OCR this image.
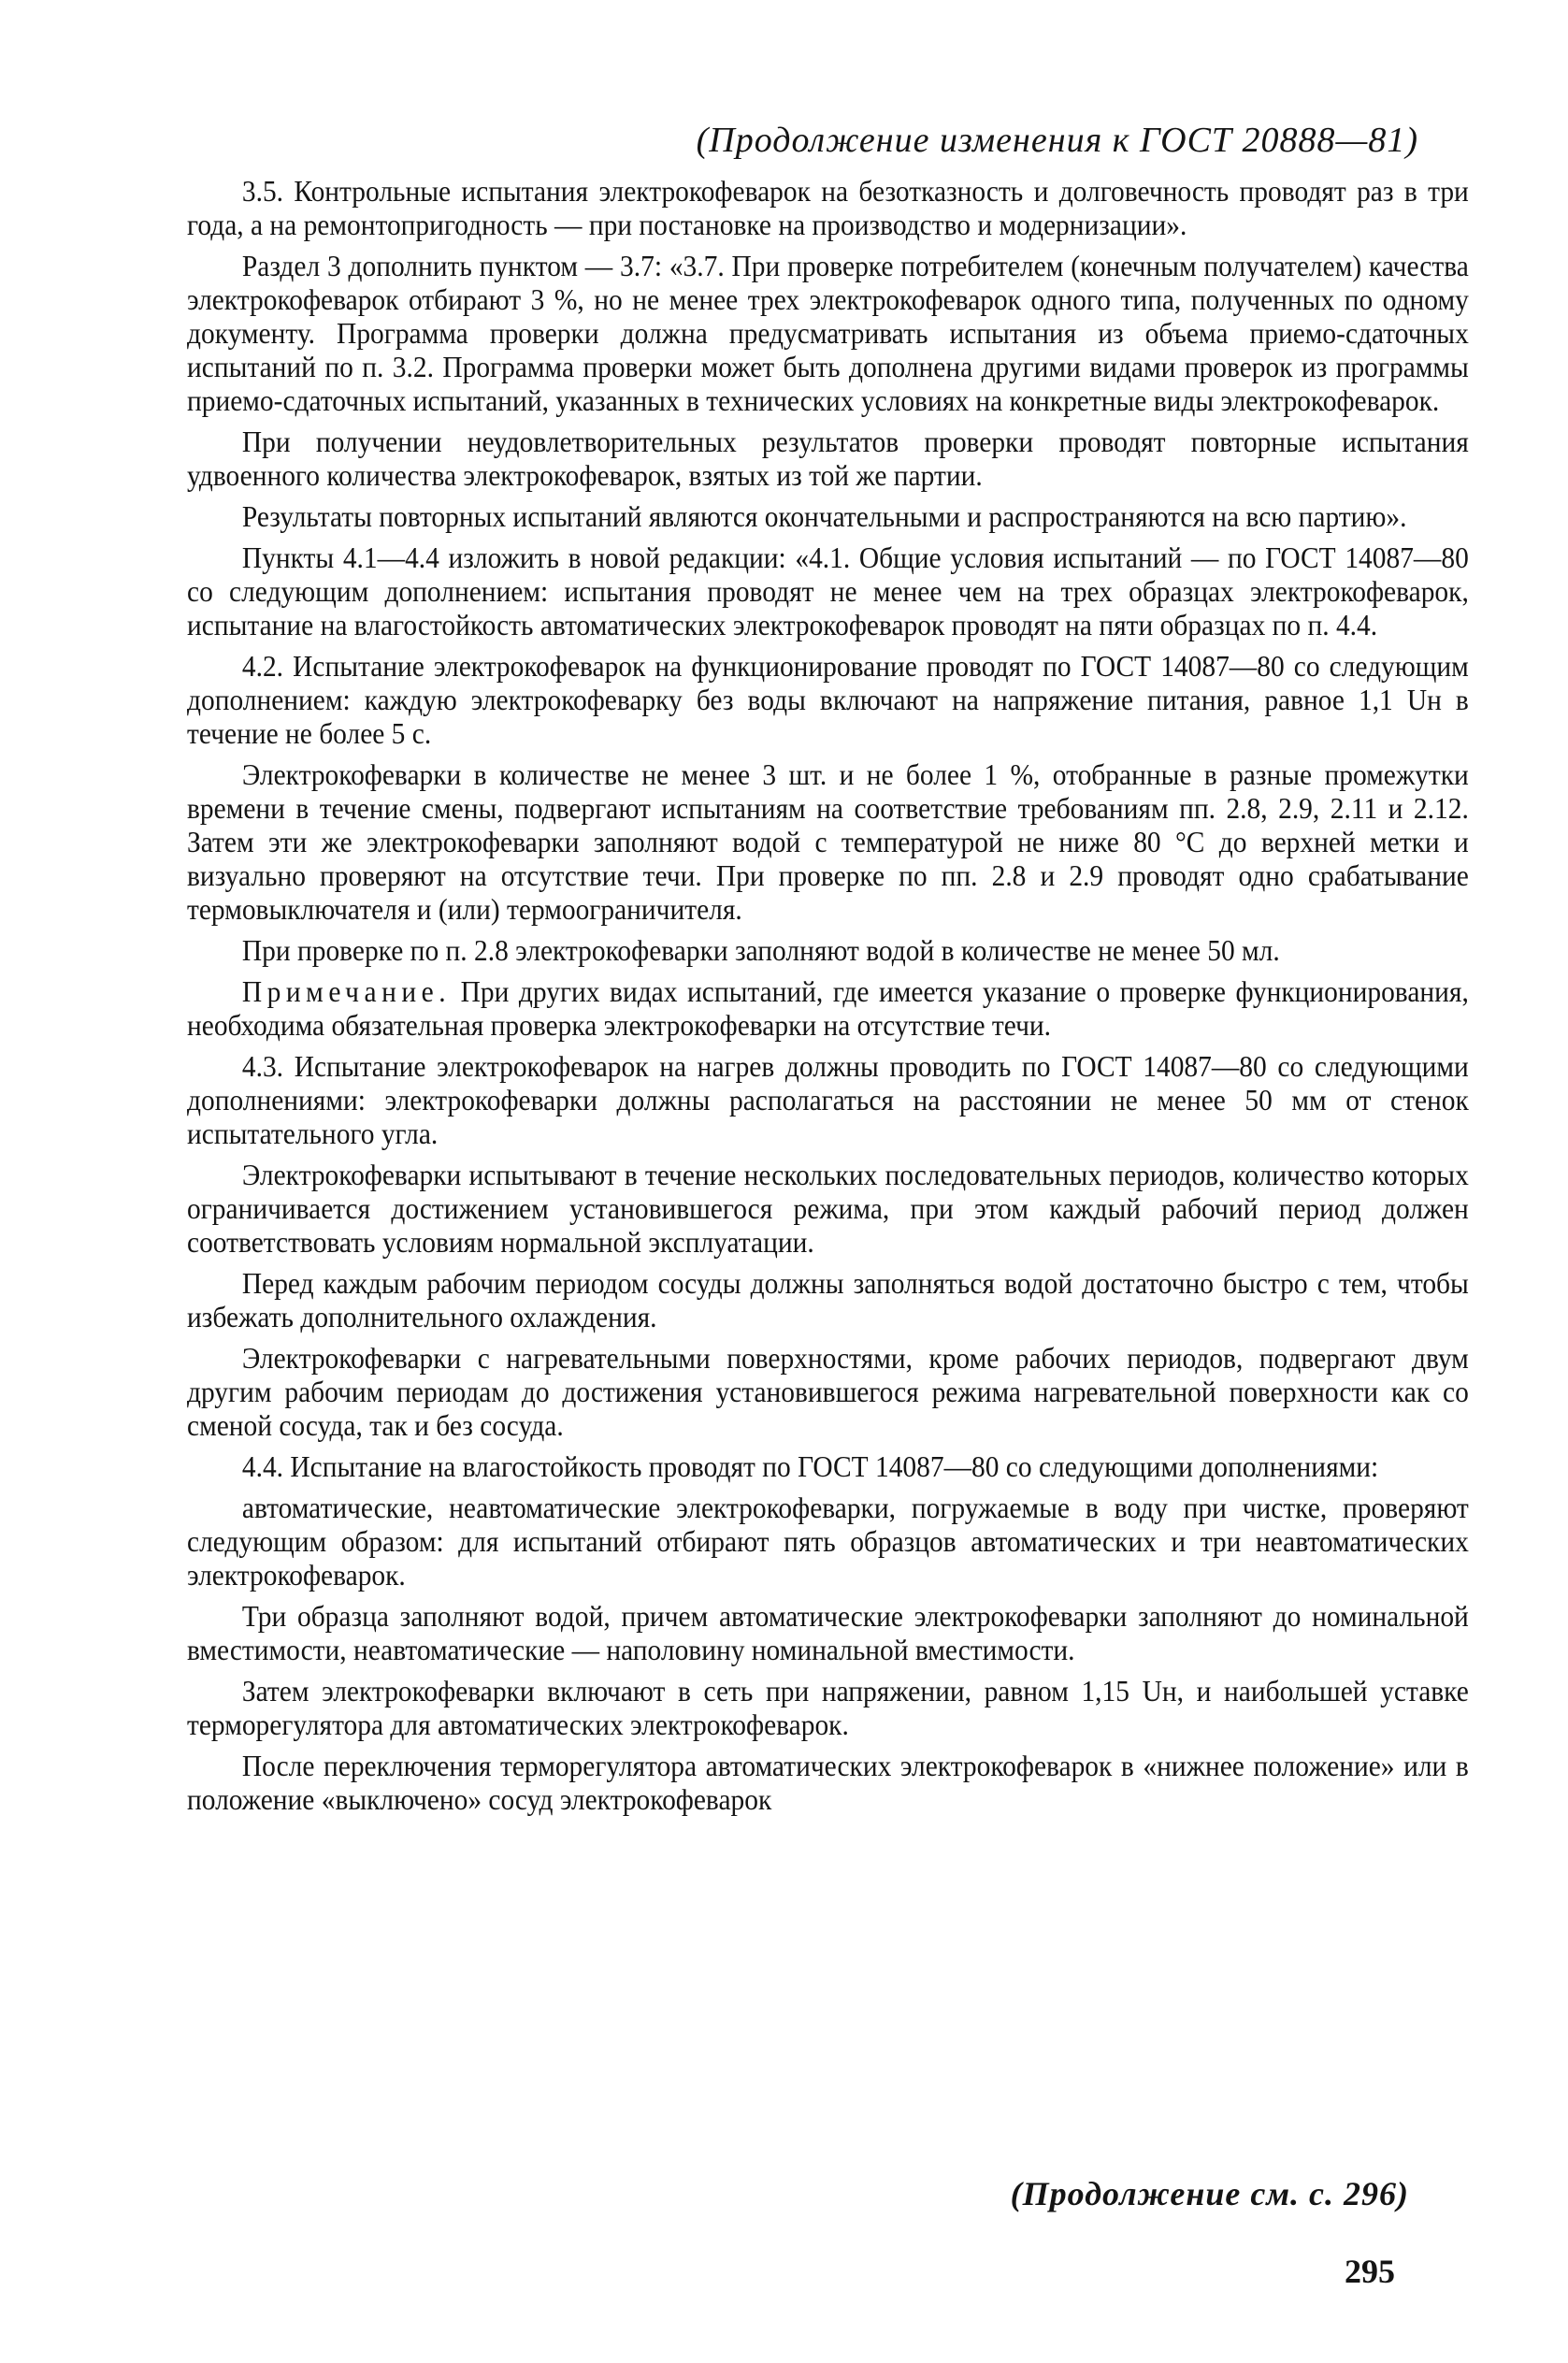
(Продолжение изменения к ГОСТ 20888—81)

3.5. Контрольные испытания электрокофеварок на безотказность и долговечность проводят раз в три года, а на ремонтопригодность — при постановке на производство и модернизации».

Раздел 3 дополнить пунктом — 3.7: «3.7. При проверке потребителем (конечным получателем) качества электрокофеварок отбирают 3 %, но не менее трех электрокофеварок одного типа, полученных по одному документу. Программа проверки должна предусматривать испытания из объема приемо-сдаточных испытаний по п. 3.2. Программа проверки может быть дополнена другими видами проверок из программы приемо-сдаточных испытаний, указанных в технических условиях на конкретные виды электрокофеварок.

При получении неудовлетворительных результатов проверки проводят повторные испытания удвоенного количества электрокофеварок, взятых из той же партии.

Результаты повторных испытаний являются окончательными и распространяются на всю партию».

Пункты 4.1—4.4 изложить в новой редакции: «4.1. Общие условия испытаний — по ГОСТ 14087—80 со следующим дополнением: испытания проводят не менее чем на трех образцах электрокофеварок, испытание на влагостойкость автоматических электрокофеварок проводят на пяти образцах по п. 4.4.

4.2. Испытание электрокофеварок на функционирование проводят по ГОСТ 14087—80 со следующим дополнением: каждую электрокофеварку без воды включают на напряжение питания, равное 1,1 Uн в течение не более 5 с.

Электрокофеварки в количестве не менее 3 шт. и не более 1 %, отобранные в разные промежутки времени в течение смены, подвергают испытаниям на соответствие требованиям пп. 2.8, 2.9, 2.11 и 2.12. Затем эти же электрокофеварки заполняют водой с температурой не ниже 80 °С до верхней метки и визуально проверяют на отсутствие течи. При проверке по пп. 2.8 и 2.9 проводят одно срабатывание термовыключателя и (или) термоограничителя.

При проверке по п. 2.8 электрокофеварки заполняют водой в количестве не менее 50 мл.

Примечание. При других видах испытаний, где имеется указание о проверке функционирования, необходима обязательная проверка электрокофеварки на отсутствие течи.

4.3. Испытание электрокофеварок на нагрев должны проводить по ГОСТ 14087—80 со следующими дополнениями: электрокофеварки должны располагаться на расстоянии не менее 50 мм от стенок испытательного угла.

Электрокофеварки испытывают в течение нескольких последовательных периодов, количество которых ограничивается достижением установившегося режима, при этом каждый рабочий период должен соответствовать условиям нормальной эксплуатации.

Перед каждым рабочим периодом сосуды должны заполняться водой достаточно быстро с тем, чтобы избежать дополнительного охлаждения.

Электрокофеварки с нагревательными поверхностями, кроме рабочих периодов, подвергают двум другим рабочим периодам до достижения установившегося режима нагревательной поверхности как со сменой сосуда, так и без сосуда.

4.4. Испытание на влагостойкость проводят по ГОСТ 14087—80 со следующими дополнениями:

автоматические, неавтоматические электрокофеварки, погружаемые в воду при чистке, проверяют следующим образом: для испытаний отбирают пять образцов автоматических и три неавтоматических электрокофеварок.

Три образца заполняют водой, причем автоматические электрокофеварки заполняют до номинальной вместимости, неавтоматические — наполовину номинальной вместимости.

Затем электрокофеварки включают в сеть при напряжении, равном 1,15 Uн, и наибольшей уставке терморегулятора для автоматических электрокофеварок.

После переключения терморегулятора автоматических электрокофеварок в «нижнее положение» или в положение «выключено» сосуд электрокофеварок

(Продолжение см. с. 296)
295
